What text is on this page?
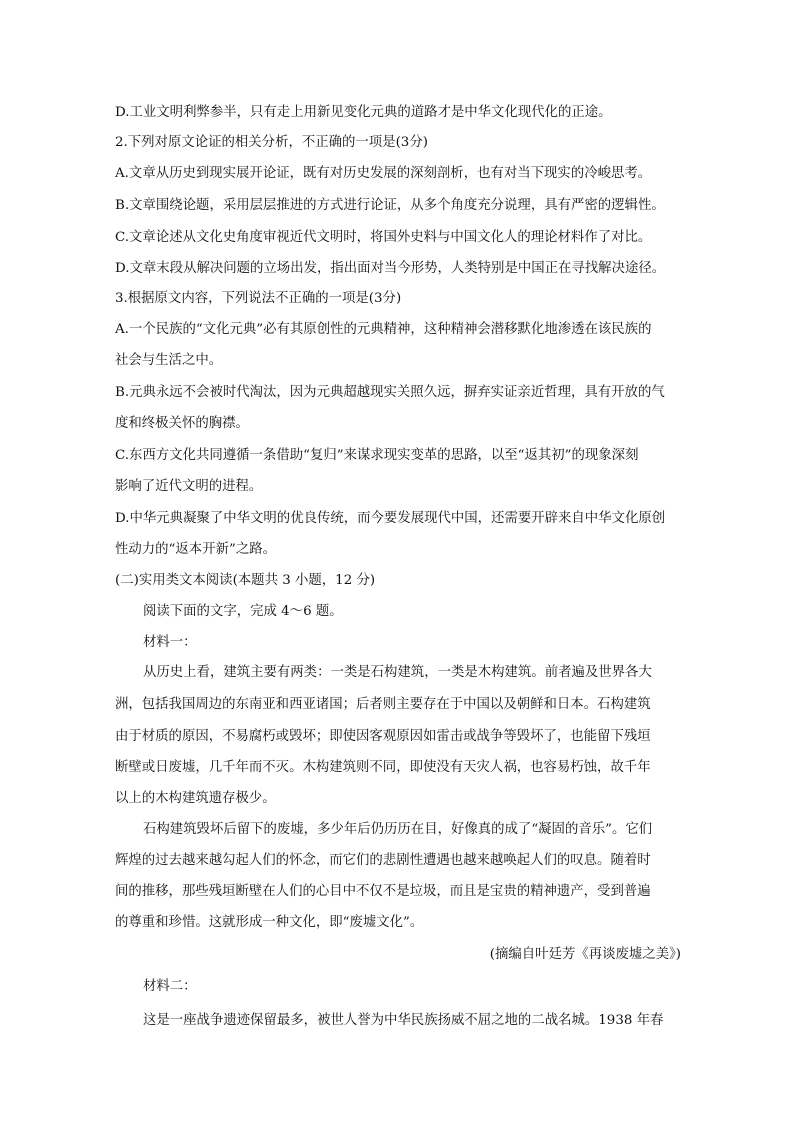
D.工业文明利弊参半，只有走上用新见变化元典的道路才是中华文化现代化的正途。
2.下列对原文论证的相关分析，不正确的一项是(3分)
A.文章从历史到现实展开论证，既有对历史发展的深刻剖析，也有对当下现实的冷峻思考。
B.文章围绕论题，采用层层推进的方式进行论证，从多个角度充分说理，具有严密的逻辑性。
C.文章论述从文化史角度审视近代文明时，将国外史料与中国文化人的理论材料作了对比。
D.文章末段从解决问题的立场出发，指出面对当今形势，人类特别是中国正在寻找解决途径。
3.根据原文内容，下列说法不正确的一项是(3分)
A.一个民族的“文化元典”必有其原创性的元典精神，这种精神会潜移默化地渗透在该民族的
社会与生活之中。
B.元典永远不会被时代淘汰，因为元典超越现实关照久远，摒弃实证亲近哲理，具有开放的气
度和终极关怀的胸襟。
C.东西方文化共同遵循一条借助“复归”来谋求现实变革的思路，以至“返其初”的现象深刻
影响了近代文明的进程。
D.中华元典凝聚了中华文明的优良传统，而今要发展现代中国，还需要开辟来自中华文化原创
性动力的“返本开新”之路。
(二)实用类文本阅读(本题共 3 小题，12 分)
阅读下面的文字，完成 4～6 题。
材料一：
从历史上看，建筑主要有两类：一类是石构建筑，一类是木构建筑。前者遍及世界各大
洲，包括我国周边的东南亚和西亚诸国；后者则主要存在于中国以及朝鲜和日本。石构建筑
由于材质的原因，不易腐朽或毁坏；即使因客观原因如雷击或战争等毁坏了，也能留下残垣
断壁或日废墟，几千年而不灭。木构建筑则不同，即使没有天灾人祸，也容易朽蚀，故千年
以上的木构建筑遗存极少。
石构建筑毁坏后留下的废墟，多少年后仍历历在目，好像真的成了“凝固的音乐”。它们
辉煌的过去越来越勾起人们的怀念，而它们的悲剧性遭遇也越来越唤起人们的叹息。随着时
间的推移，那些残垣断壁在人们的心目中不仅不是垃圾，而且是宝贵的精神遗产，受到普遍
的尊重和珍惜。这就形成一种文化，即“废墟文化”。
(摘编自叶廷芳《再谈废墟之美》)
材料二：
这是一座战争遗迹保留最多，被世人誉为中华民族扬威不屈之地的二战名城。1938 年春
